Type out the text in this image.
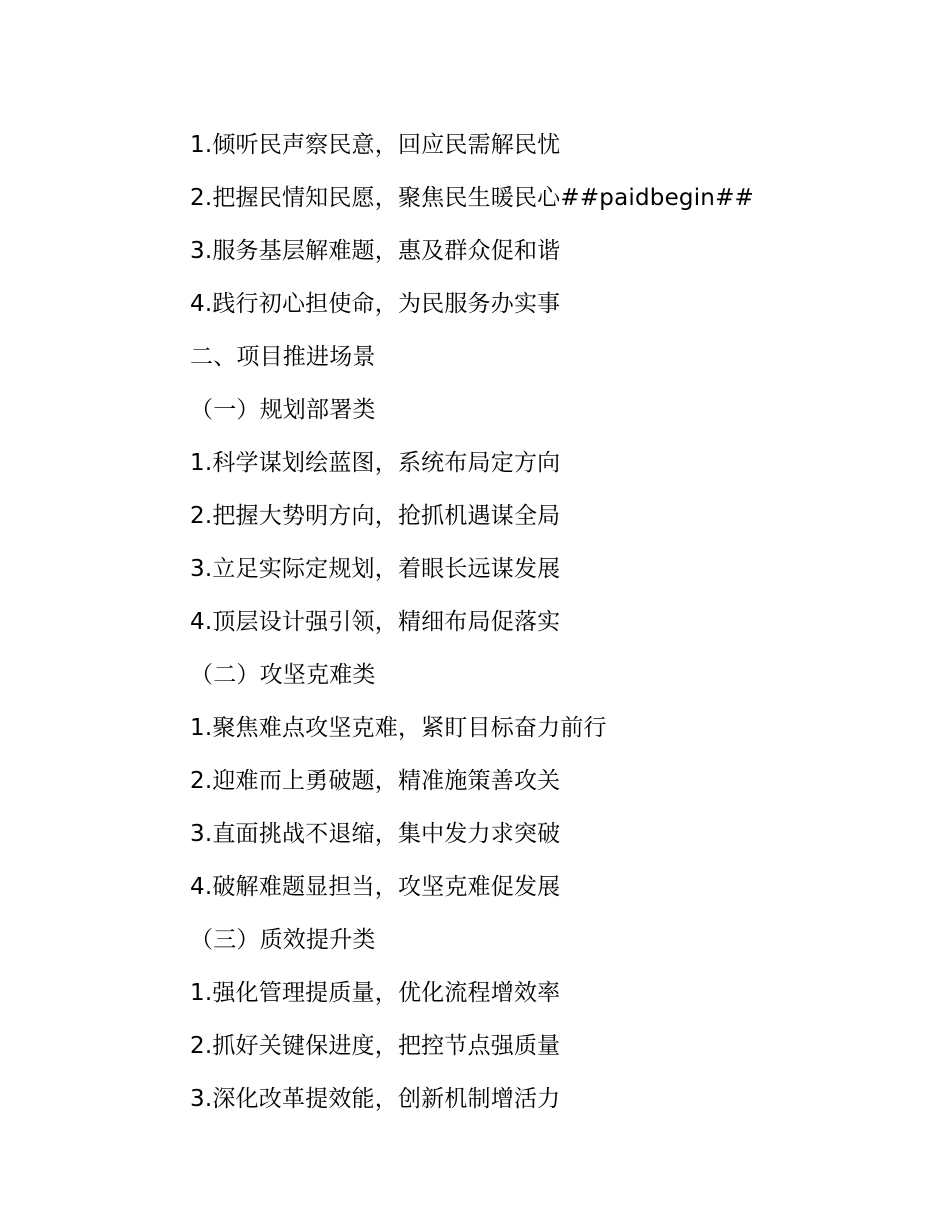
1.倾听民声察民意，回应民需解民忧
2.把握民情知民愿，聚焦民生暖民心##paidbegin##
3.服务基层解难题，惠及群众促和谐
4.践行初心担使命，为民服务办实事
二、项目推进场景
（一）规划部署类
1.科学谋划绘蓝图，系统布局定方向
2.把握大势明方向，抢抓机遇谋全局
3.立足实际定规划，着眼长远谋发展
4.顶层设计强引领，精细布局促落实
（二）攻坚克难类
1.聚焦难点攻坚克难，紧盯目标奋力前行
2.迎难而上勇破题，精准施策善攻关
3.直面挑战不退缩，集中发力求突破
4.破解难题显担当，攻坚克难促发展
（三）质效提升类
1.强化管理提质量，优化流程增效率
2.抓好关键保进度，把控节点强质量
3.深化改革提效能，创新机制增活力
